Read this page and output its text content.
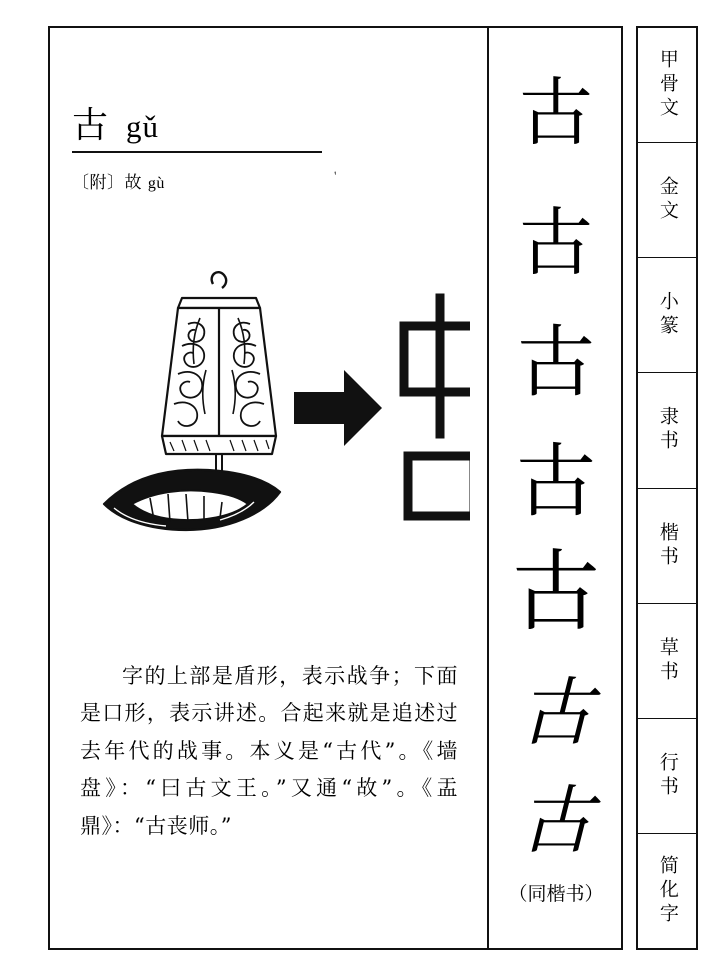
古 gǔ
〔附〕故 gù	ʹ
字的上部是盾形，表示战争；下面是口形，表示讲述。合起来就是追述过去年代的战事。本义是“古代”。《墙盘》：“曰古文王。”又通“故”。《盂鼎》：“古丧师。”
古
古
古
古
古
古
古
（同楷书）
甲骨文
金文
小篆
隶书
楷书
草书
行书
简化字
